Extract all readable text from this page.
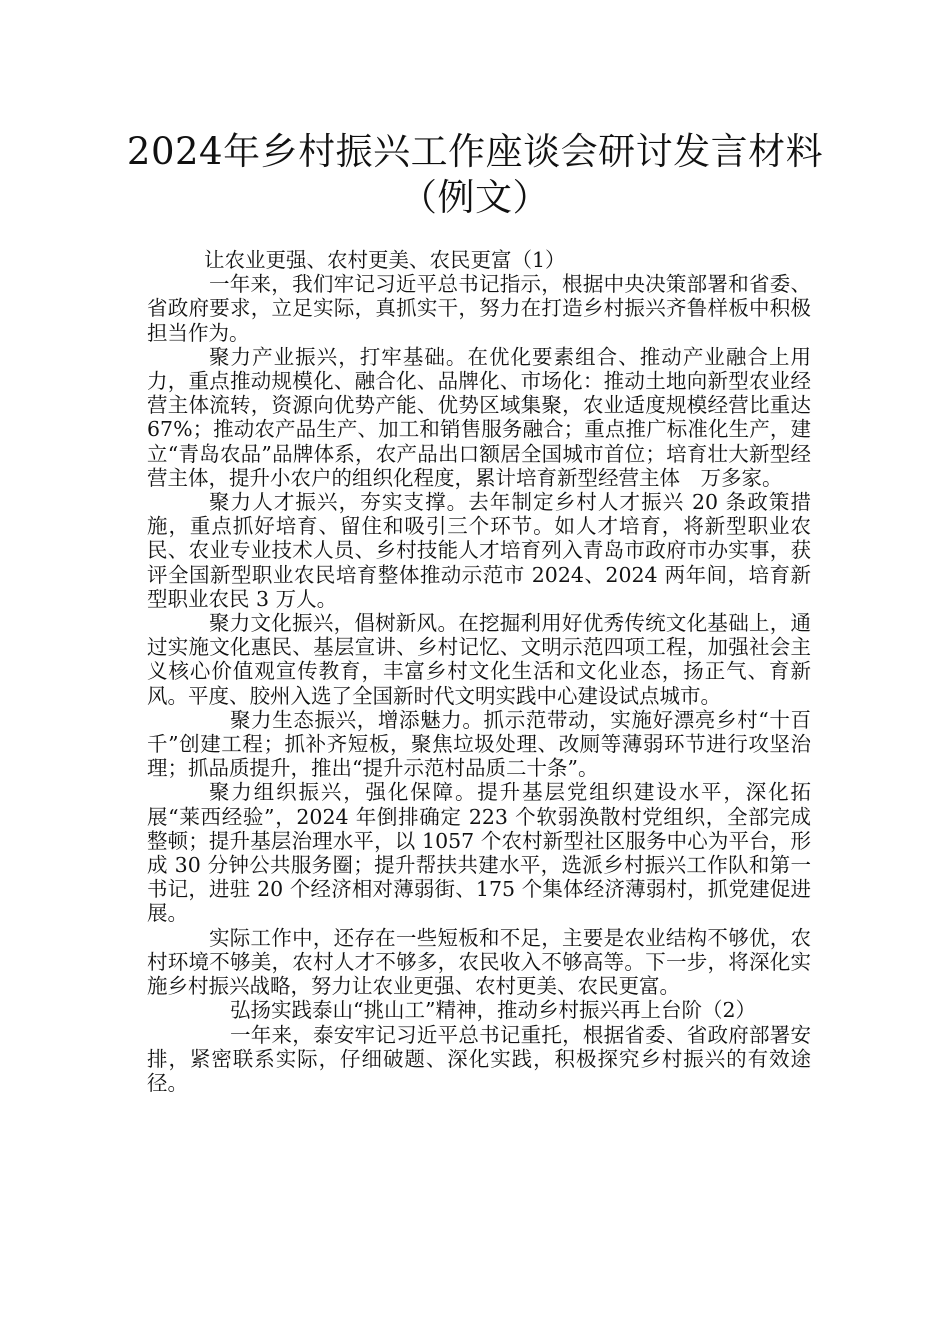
2024年乡村振兴工作座谈会研讨发言材料
（例文）

让农业更强、农村更美、农民更富（1）

一年来，我们牢记习近平总书记指示，根据中央决策部署和省委、省政府要求，立足实际，真抓实干，努力在打造乡村振兴齐鲁样板中积极担当作为。

聚力产业振兴，打牢基础。在优化要素组合、推动产业融合上用力，重点推动规模化、融合化、品牌化、市场化：推动土地向新型农业经营主体流转，资源向优势产能、优势区域集聚，农业适度规模经营比重达 67%；推动农产品生产、加工和销售服务融合；重点推广标准化生产，建立“青岛农品”品牌体系，农产品出口额居全国城市首位；培育壮大新型经营主体，提升小农户的组织化程度，累计培育新型经营主体　万多家。

聚力人才振兴，夯实支撑。去年制定乡村人才振兴 20 条政策措施，重点抓好培育、留住和吸引三个环节。如人才培育，将新型职业农民、农业专业技术人员、乡村技能人才培育列入青岛市政府市办实事，获评全国新型职业农民培育整体推动示范市 2024、2024 两年间，培育新型职业农民 3 万人。

聚力文化振兴，倡树新风。在挖掘利用好优秀传统文化基础上，通过实施文化惠民、基层宣讲、乡村记忆、文明示范四项工程，加强社会主义核心价值观宣传教育，丰富乡村文化生活和文化业态，扬正气、育新风。平度、胶州入选了全国新时代文明实践中心建设试点城市。

聚力生态振兴，增添魅力。抓示范带动，实施好漂亮乡村“十百千”创建工程；抓补齐短板，聚焦垃圾处理、改厕等薄弱环节进行攻坚治理；抓品质提升，推出“提升示范村品质二十条”。

聚力组织振兴，强化保障。提升基层党组织建设水平，深化拓展“莱西经验”，2024 年倒排确定 223 个软弱涣散村党组织，全部完成整顿；提升基层治理水平，以 1057 个农村新型社区服务中心为平台，形成 30 分钟公共服务圈；提升帮扶共建水平，选派乡村振兴工作队和第一书记，进驻 20 个经济相对薄弱街、175 个集体经济薄弱村，抓党建促进展。

实际工作中，还存在一些短板和不足，主要是农业结构不够优，农村环境不够美，农村人才不够多，农民收入不够高等。下一步，将深化实施乡村振兴战略，努力让农业更强、农村更美、农民更富。

弘扬实践泰山“挑山工”精神，推动乡村振兴再上台阶（2）

一年来，泰安牢记习近平总书记重托，根据省委、省政府部署安排，紧密联系实际，仔细破题、深化实践，积极探究乡村振兴的有效途径。
